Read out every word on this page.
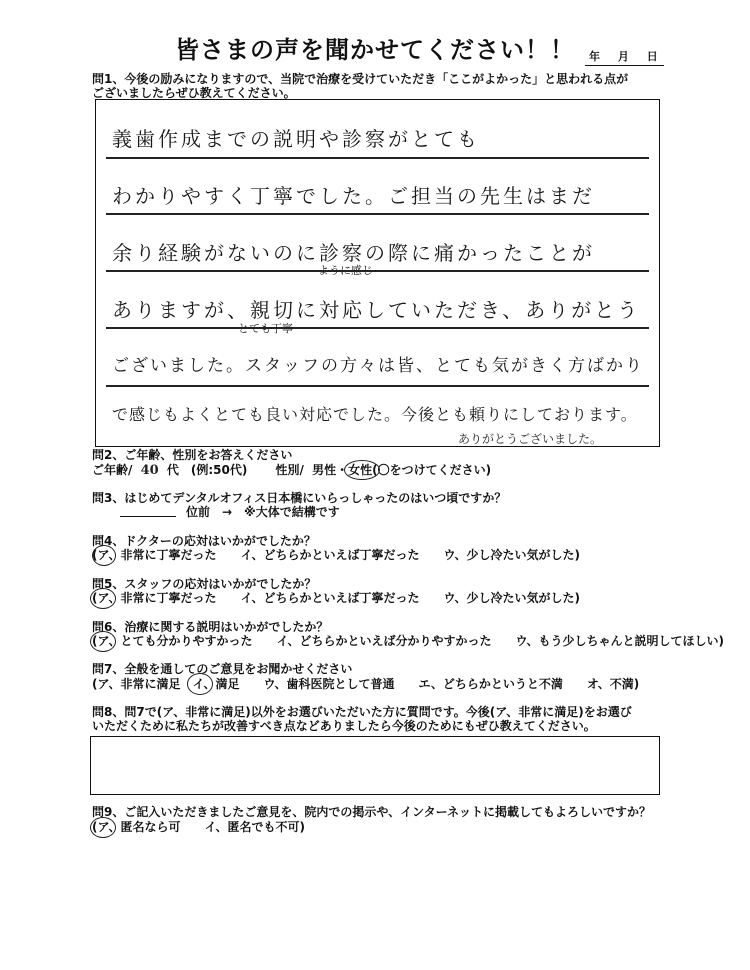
皆さまの声を聞かせてください！！	年 月 日
問1、今後の励みになりますので、当院で治療を受けていただき「ここがよかった」と思われる点が
ございましたらぜひ教えてください。
義歯作成までの説明や診察がとても
わかりやすく丁寧でした。ご担当の先生はまだ
余り経験がないのに診察の際に痛かったことが
ように感じ
ありますが、親切に対応していただき、ありがとう
とても丁寧
ございました。スタッフの方々は皆、とても気がきく方ばかり
で感じもよくとても良い対応でした。今後とも頼りにしております。
ありがとうございました。
問2、ご年齢、性別をお答えください
ご年齢/ 40 代　(例:50代) 性別/ 男性・女性
(〇をつけてください)
問3、はじめてデンタルオフィス日本橋にいらっしゃったのはいつ頃ですか？
位前　→　※大体で結構です
問4、ドクターの応対はいかがでしたか？
(ア、非常に丁寧だった　　イ、どちらかといえば丁寧だった　　ウ、少し冷たい気がした)
問5、スタッフの応対はいかがでしたか？
(ア、非常に丁寧だった　　イ、どちらかといえば丁寧だった　　ウ、少し冷たい気がした)
問6、治療に関する説明はいかがでしたか？
(ア、とても分かりやすかった　　イ、どちらかといえば分かりやすかった　　ウ、もう少しちゃんと説明してほしい)
問7、全般を通してのご意見をお聞かせください
(ア、非常に満足　イ、満足　　ウ、歯科医院として普通　　エ、どちらかというと不満　　オ、不満)
問8、問7で(ア、非常に満足)以外をお選びいただいた方に質問です。今後(ア、非常に満足)をお選び
いただくために私たちが改善すべき点などありましたら今後のためにもぜひ教えてください。
問9、ご記入いただきましたご意見を、院内での掲示や、インターネットに掲載してもよろしいですか？
(ア、匿名なら可　　イ、匿名でも不可)
